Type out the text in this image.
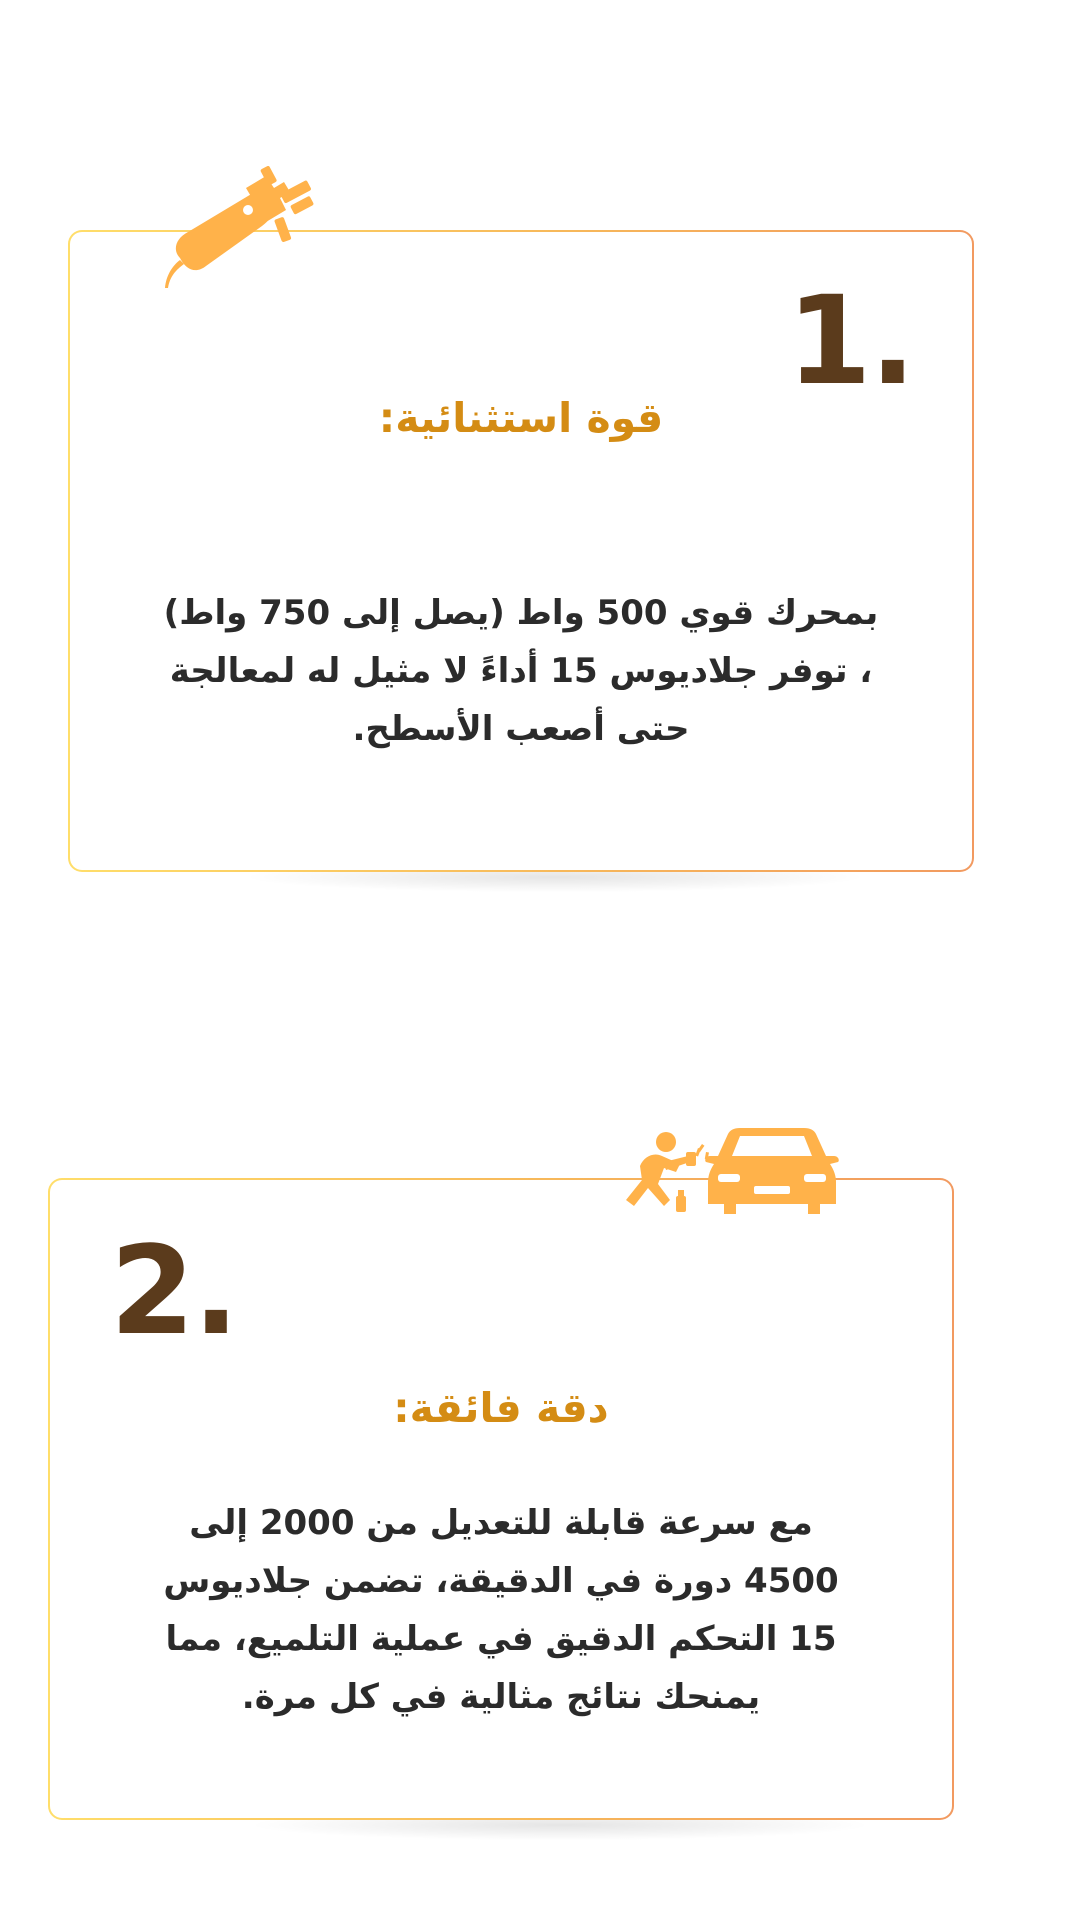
1.
قوة استثنائية:
بمحرك قوي 500 واط (يصل إلى 750 واط) ، توفر جلاديوس 15 أداءً لا مثيل له لمعالجة حتى أصعب الأسطح.
2.
دقة فائقة:
مع سرعة قابلة للتعديل من 2000 إلى 4500 دورة في الدقيقة، تضمن جلاديوس 15 التحكم الدقيق في عملية التلميع، مما يمنحك نتائج مثالية في كل مرة.
